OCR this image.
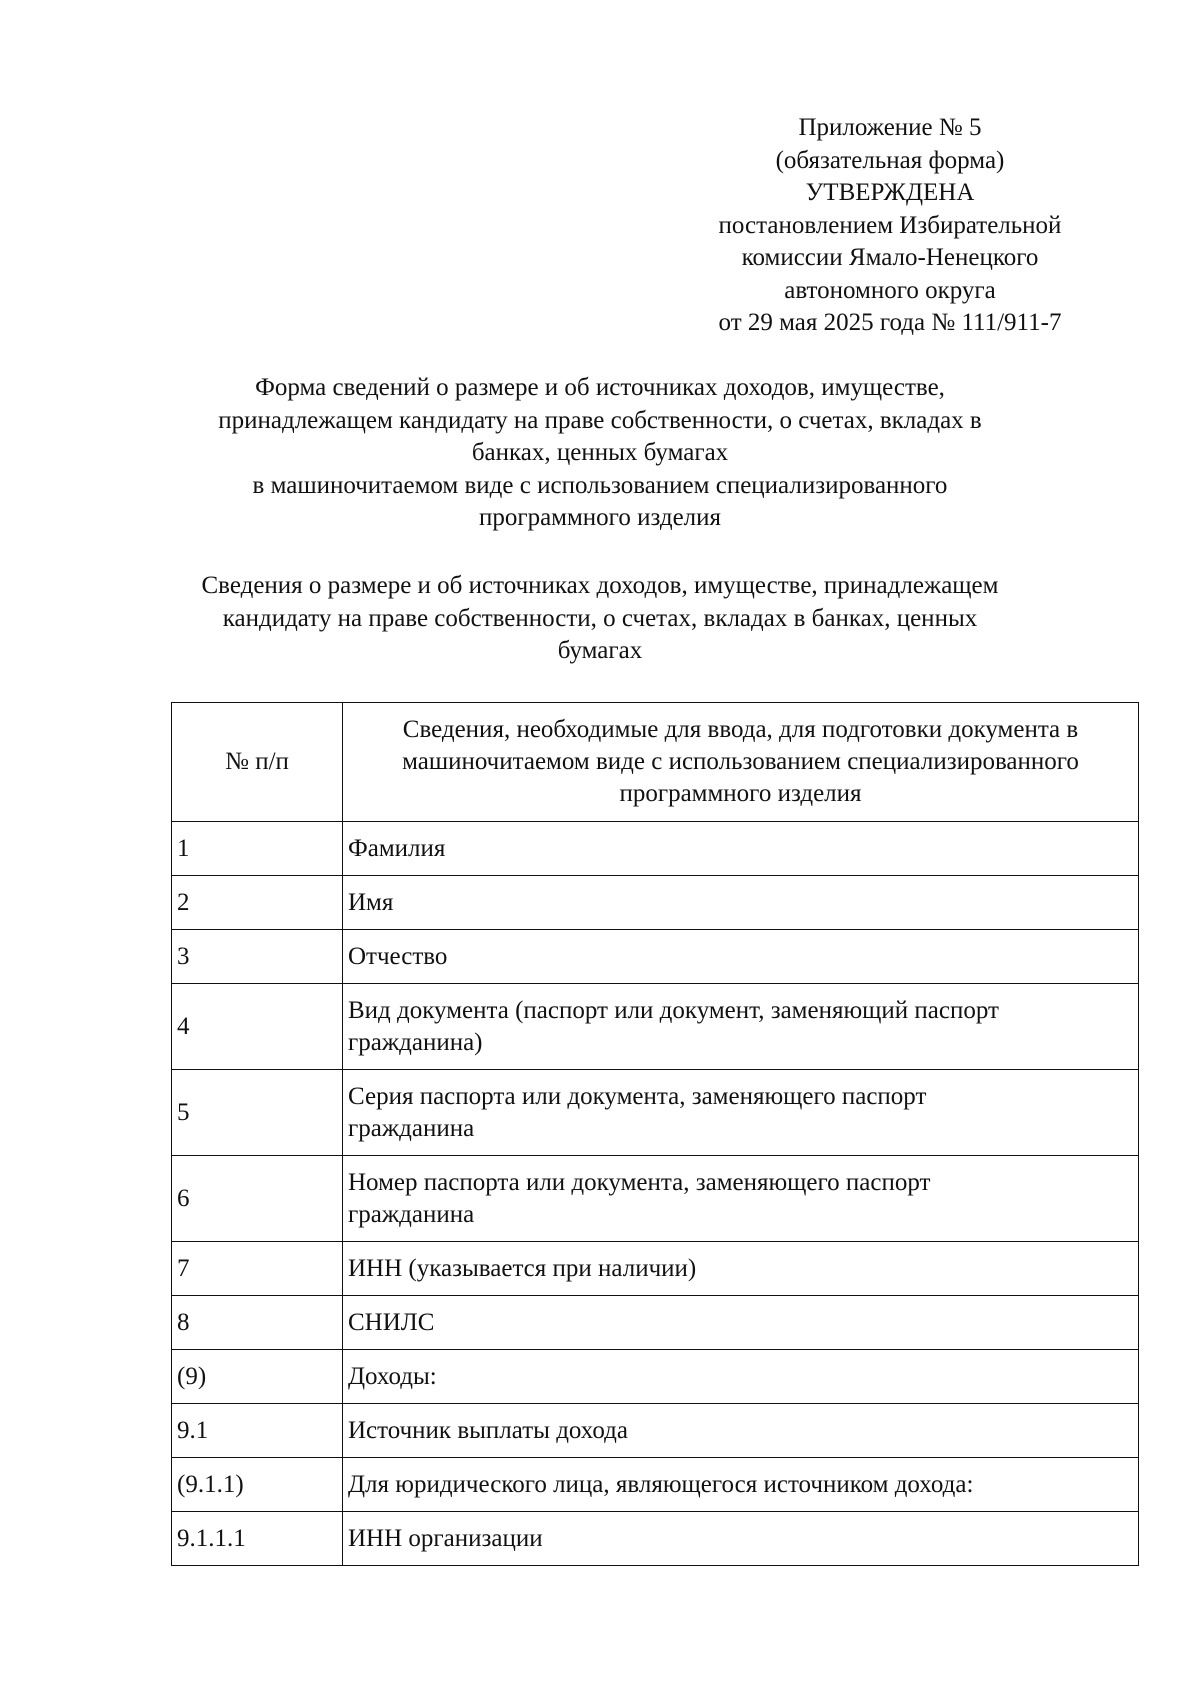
Приложение № 5
(обязательная форма)
УТВЕРЖДЕНА
постановлением Избирательной
комиссии Ямало-Ненецкого
автономного округа
от 29 мая 2025 года № 111/911-7
Форма сведений о размере и об источниках доходов, имуществе,
принадлежащем кандидату на праве собственности, о счетах, вкладах в
банках, ценных бумагах
в машиночитаемом виде с использованием специализированного
программного изделия
Сведения о размере и об источниках доходов, имуществе, принадлежащем
кандидату на праве собственности, о счетах, вкладах в банках, ценных
бумагах
№ п/п	Сведения, необходимые для ввода, для подготовки документа в
машиночитаемом виде с использованием специализированного
программного изделия

1	Фамилия

2	Имя

3	Отчество

4	Вид документа (паспорт или документ, заменяющий паспорт
гражданина)

5	Серия паспорта или документа, заменяющего паспорт
гражданина

6	Номер паспорта или документа, заменяющего паспорт
гражданина

7	ИНН (указывается при наличии)

8	СНИЛС

(9)	Доходы:

9.1	Источник выплаты дохода

(9.1.1)	Для юридического лица, являющегося источником дохода:

9.1.1.1	ИНН организации
